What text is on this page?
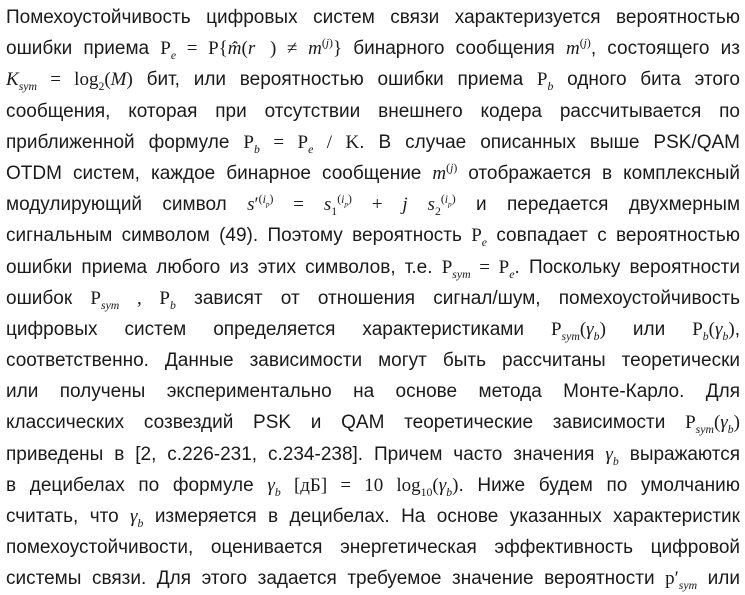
Помехоустойчивость цифровых систем связи характеризуется вероятностью
ошибки приема $P_e$ = P{m̂(r⃗) ≠ $m^{(j)}$} бинарного сообщения $m^{(j)}$, состоящего из
$K_{sym} = \log_2(M)$ бит, или вероятностью ошибки приема $P_b$ одного бита этого
сообщения, которая при отсутствии внешнего кодера рассчитывается по
приближенной формуле $P_b = P_e / K$. В случае описанных выше PSK/QAM
OTDM систем, каждое бинарное сообщение $m^{(j)}$ отображается в комплексный
модулирующий символ $s'^{(i_p)} = s_1^{(i_p)} + j$ $s_2^{(i_p)}$ и передается двухмерным
сигнальным символом (49). Поэтому вероятность $P_e$ совпадает с вероятностью
ошибки приема любого из этих символов, т.е. $P_{sym} = P_e$. Поскольку вероятности
ошибок $P_{sym}$ , $P_b$ зависят от отношения сигнал/шум, помехоустойчивость
цифровых систем определяется характеристиками $P_{sym}(\gamma_b)$ или $P_b(\gamma_b)$,
соответственно. Данные зависимости могут быть рассчитаны теоретически
или получены экспериментально на основе метода Монте-Карло. Для
классических созвездий PSK и QAM теоретические зависимости $P_{sym}(\gamma_b)$
приведены в [2, с.226-231, с.234-238]. Причем часто значения $\gamma_b$ выражаются
в децибелах по формуле $\gamma_b$ [дБ] = 10 $\log_{10}(\gamma_b)$. Ниже будем по умолчанию
считать, что $\gamma_b$ измеряется в децибелах. На основе указанных характеристик
помехоустойчивости, оценивается энергетическая эффективность цифровой
системы связи. Для этого задается требуемое значение вероятности $p'_{sym}$ или
